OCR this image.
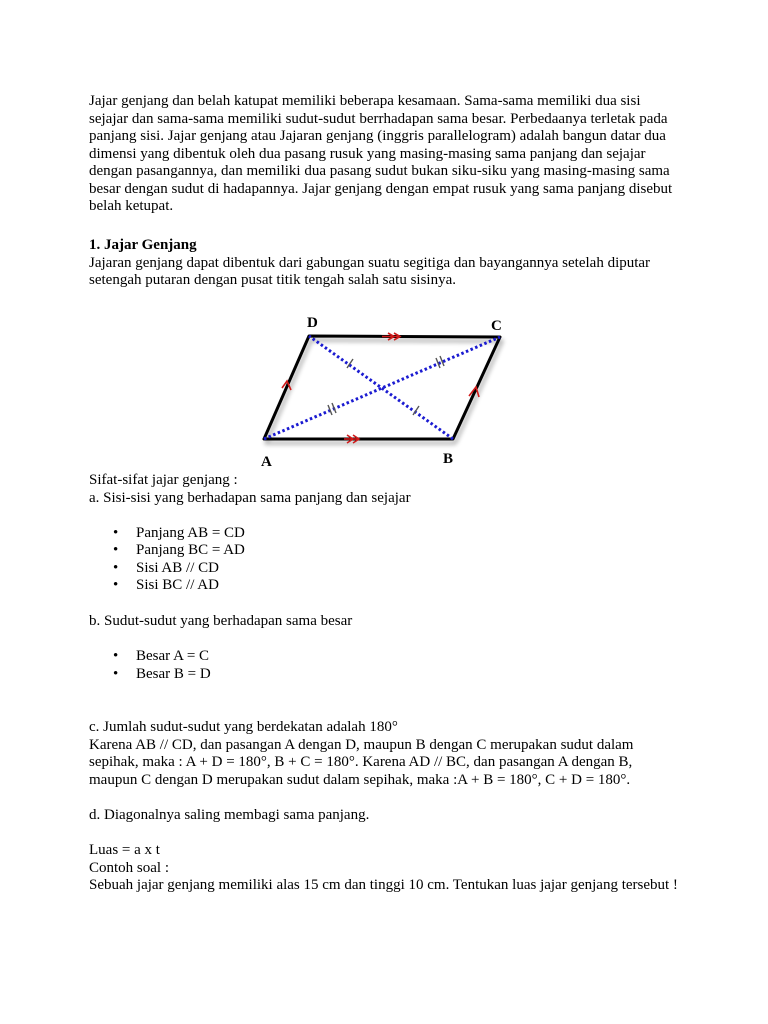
Jajar genjang dan belah katupat memiliki beberapa kesamaan. Sama-sama memiliki dua sisi sejajar dan sama-sama memiliki sudut-sudut berrhadapan sama besar. Perbedaanya terletak pada panjang sisi. Jajar genjang atau Jajaran genjang (inggris parallelogram) adalah bangun datar dua dimensi yang dibentuk oleh dua pasang rusuk yang masing-masing sama panjang dan sejajar dengan pasangannya, dan memiliki dua pasang sudut bukan siku-siku yang masing-masing sama besar dengan sudut di hadapannya. Jajar genjang dengan empat rusuk yang sama panjang disebut belah ketupat.

1. Jajar Genjang

Jajaran genjang dapat dibentuk dari gabungan suatu segitiga dan bayangannya setelah diputar setengah putaran dengan pusat titik tengah salah satu sisinya.

D	C
A	B

Sifat-sifat jajar genjang :

a. Sisi-sisi yang berhadapan sama panjang dan sejajar

• Panjang AB = CD
• Panjang BC = AD
• Sisi AB // CD
• Sisi BC // AD

b. Sudut-sudut yang berhadapan sama besar

• Besar A = C
• Besar B = D

c. Jumlah sudut-sudut yang berdekatan adalah 180°

Karena AB // CD, dan pasangan A dengan D, maupun B dengan C merupakan sudut dalam sepihak, maka : A + D = 180°, B + C = 180°. Karena AD // BC, dan pasangan A dengan B, maupun C dengan D merupakan sudut dalam sepihak, maka :A + B = 180°, C + D = 180°.

d. Diagonalnya saling membagi sama panjang.

Luas = a x t

Contoh soal :

Sebuah jajar genjang memiliki alas 15 cm dan tinggi 10 cm. Tentukan luas jajar genjang tersebut !
